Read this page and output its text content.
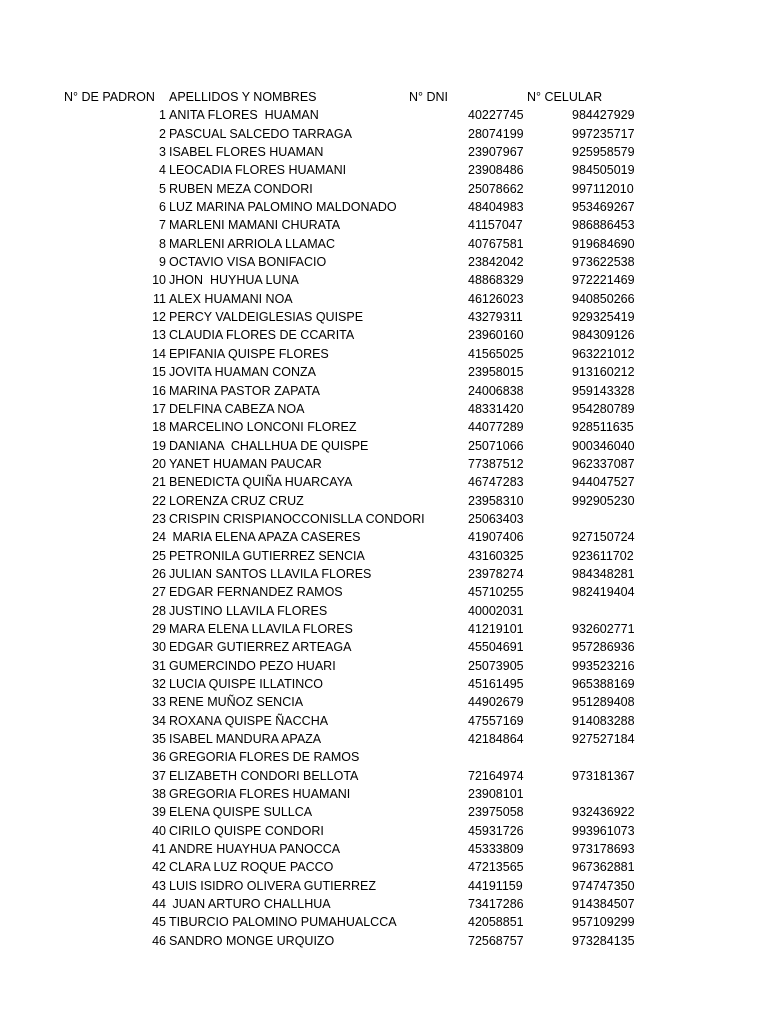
N° DE PADRON APELLIDOS Y NOMBRES	N° DNI	N° CELULAR
1 ANITA FLORES  HUAMAN	40227745	984427929
2 PASCUAL SALCEDO TARRAGA	28074199	997235717
3 ISABEL FLORES HUAMAN	23907967	925958579
4 LEOCADIA FLORES HUAMANI	23908486	984505019
5 RUBEN MEZA CONDORI	25078662	997112010
6 LUZ MARINA PALOMINO MALDONADO	48404983	953469267
7 MARLENI MAMANI CHURATA	41157047	986886453
8 MARLENI ARRIOLA LLAMAC	40767581	919684690
9 OCTAVIO VISA BONIFACIO	23842042	973622538
10 JHON  HUYHUA LUNA	48868329	972221469
11 ALEX HUAMANI NOA	46126023	940850266
12 PERCY VALDEIGLESIAS QUISPE	43279311	929325419
13 CLAUDIA FLORES DE CCARITA	23960160	984309126
14 EPIFANIA QUISPE FLORES	41565025	963221012
15 JOVITA HUAMAN CONZA	23958015	913160212
16 MARINA PASTOR ZAPATA	24006838	959143328
17 DELFINA CABEZA NOA	48331420	954280789
18 MARCELINO LONCONI FLOREZ	44077289	928511635
19 DANIANA  CHALLHUA DE QUISPE	25071066	900346040
20 YANET HUAMAN PAUCAR	77387512	962337087
21 BENEDICTA QUIÑA HUARCAYA	46747283	944047527
22 LORENZA CRUZ CRUZ	23958310	992905230
23 CRISPIN CRISPIANOCCONISLLA CONDORI	25063403
24 MARIA ELENA APAZA CASERES	41907406	927150724
25 PETRONILA GUTIERREZ SENCIA	43160325	923611702
26 JULIAN SANTOS LLAVILA FLORES	23978274	984348281
27 EDGAR FERNANDEZ RAMOS	45710255	982419404
28 JUSTINO LLAVILA FLORES	40002031
29 MARA ELENA LLAVILA FLORES	41219101	932602771
30 EDGAR GUTIERREZ ARTEAGA	45504691	957286936
31 GUMERCINDO PEZO HUARI	25073905	993523216
32 LUCIA QUISPE ILLATINCO	45161495	965388169
33 RENE MUÑOZ SENCIA	44902679	951289408
34 ROXANA QUISPE ÑACCHA	47557169	914083288
35 ISABEL MANDURA APAZA	42184864	927527184
36 GREGORIA FLORES DE RAMOS
37 ELIZABETH CONDORI BELLOTA	72164974	973181367
38 GREGORIA FLORES HUAMANI	23908101
39 ELENA QUISPE SULLCA	23975058	932436922
40 CIRILO QUISPE CONDORI	45931726	993961073
41 ANDRE HUAYHUA PANOCCA	45333809	973178693
42 CLARA LUZ ROQUE PACCO	47213565	967362881
43 LUIS ISIDRO OLIVERA GUTIERREZ	44191159	974747350
44 JUAN ARTURO CHALLHUA	73417286	914384507
45 TIBURCIO PALOMINO PUMAHUALCCA	42058851	957109299
46 SANDRO MONGE URQUIZO	72568757	973284135
